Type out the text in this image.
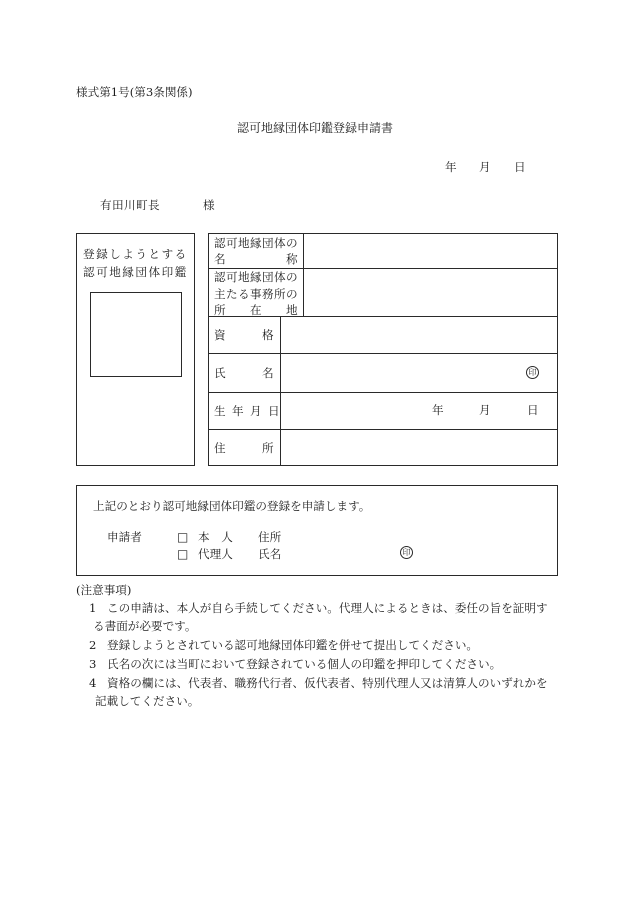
様式第1号(第3条関係)
認可地縁団体印鑑登録申請書
年 月 日
有田川町長	様
登録しようとする
認可地縁団体印鑑
認可地縁団体の
名　　　　　称
認可地縁団体の
主たる事務所の
所　　在　　地
資　　　格
氏　　　名	印
生年月日	年	月	日
住　　　所
上記のとおり認可地縁団体印鑑の登録を申請します。
申請者	□ 本　人 住所
□ 代理人 氏名	印
(注意事項)
1 この申請は、本人が自ら手続してください。代理人によるときは、委任の旨を証明す
る書面が必要です。
2 登録しようとされている認可地縁団体印鑑を併せて提出してください。
3 氏名の次には当町において登録されている個人の印鑑を押印してください。
4 資格の欄には、代表者、職務代行者、仮代表者、特別代理人又は清算人のいずれかを
記載してください。
